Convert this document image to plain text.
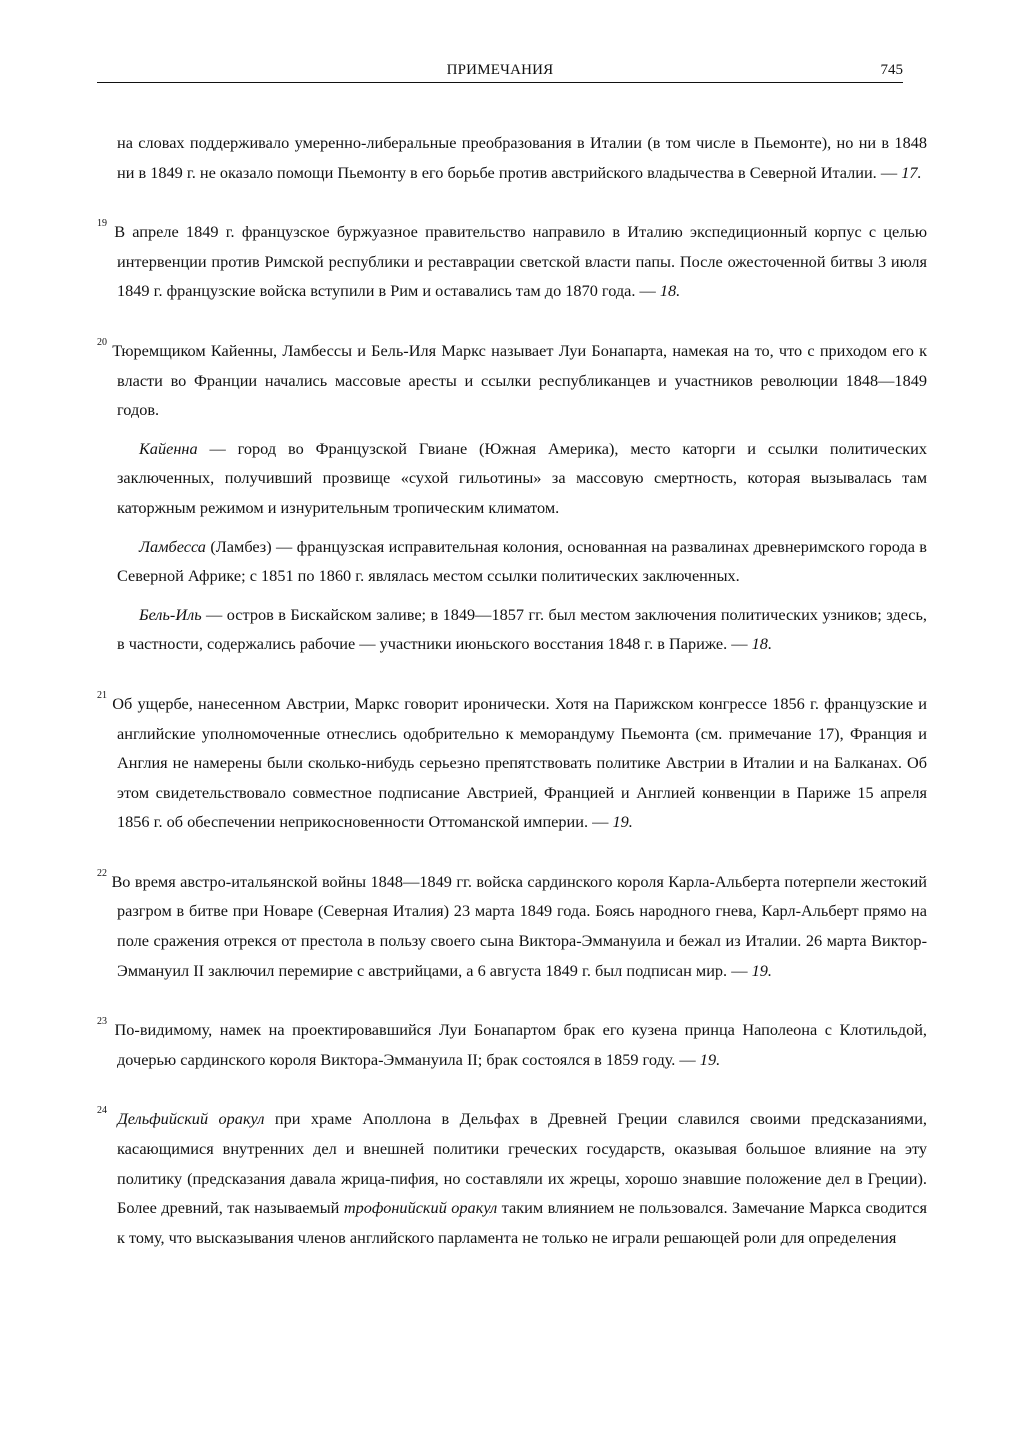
ПРИМЕЧАНИЯ	745

на словах поддерживало умеренно-либеральные преобразования в Италии (в том числе в Пьемонте), но ни в 1848 ни в 1849 г. не оказало помощи Пьемонту в его борьбе против австрийского владычества в Северной Италии. — 17.

$^{19}$ В апреле 1849 г. французское буржуазное правительство направило в Италию экспедиционный корпус с целью интервенции против Римской республики и реставрации светской власти папы. После ожесточенной битвы 3 июля 1849 г. французские войска вступили в Рим и оставались там до 1870 года. — 18.

$^{20}$ Тюремщиком Кайенны, Ламбессы и Бель-Иля Маркс называет Луи Бонапарта, намекая на то, что с приходом его к власти во Франции начались массовые аресты и ссылки республиканцев и участников революции 1848—1849 годов.

Кайенна — город во Французской Гвиане (Южная Америка), место каторги и ссылки политических заключенных, получивший прозвище «сухой гильотины» за массовую смертность, которая вызывалась там каторжным режимом и изнурительным тропическим климатом.

Ламбесса (Ламбез) — французская исправительная колония, основанная на развалинах древнеримского города в Северной Африке; с 1851 по 1860 г. являлась местом ссылки политических заключенных.

Бель-Иль — остров в Бискайском заливе; в 1849—1857 гг. был местом заключения политических узников; здесь, в частности, содержались рабочие — участники июньского восстания 1848 г. в Париже. — 18.

$^{21}$ Об ущербе, нанесенном Австрии, Маркс говорит иронически. Хотя на Парижском конгрессе 1856 г. французские и английские уполномоченные отнеслись одобрительно к меморандуму Пьемонта (см. примечание 17), Франция и Англия не намерены были сколько-нибудь серьезно препятствовать политике Австрии в Италии и на Балканах. Об этом свидетельствовало совместное подписание Австрией, Францией и Англией конвенции в Париже 15 апреля 1856 г. об обеспечении неприкосновенности Оттоманской империи. — 19.

$^{22}$ Во время австро-итальянской войны 1848—1849 гг. войска сардинского короля Карла-Альберта потерпели жестокий разгром в битве при Новаре (Северная Италия) 23 марта 1849 года. Боясь народного гнева, Карл-Альберт прямо на поле сражения отрекся от престола в пользу своего сына Виктора-Эммануила и бежал из Италии. 26 марта Виктор-Эммануил II заключил перемирие с австрийцами, а 6 августа 1849 г. был подписан мир. — 19.

$^{23}$ По-видимому, намек на проектировавшийся Луи Бонапартом брак его кузена принца Наполеона с Клотильдой, дочерью сардинского короля Виктора-Эммануила II; брак состоялся в 1859 году. — 19.

$^{24}$ Дельфийский оракул при храме Аполлона в Дельфах в Древней Греции славился своими предсказаниями, касающимися внутренних дел и внешней политики греческих государств, оказывая большое влияние на эту политику (предсказания давала жрица-пифия, но составляли их жрецы, хорошо знавшие положение дел в Греции). Более древний, так называемый трофонийский оракул таким влиянием не пользовался. Замечание Маркса сводится к тому, что высказывания членов английского парламента не только не играли решающей роли для определения
